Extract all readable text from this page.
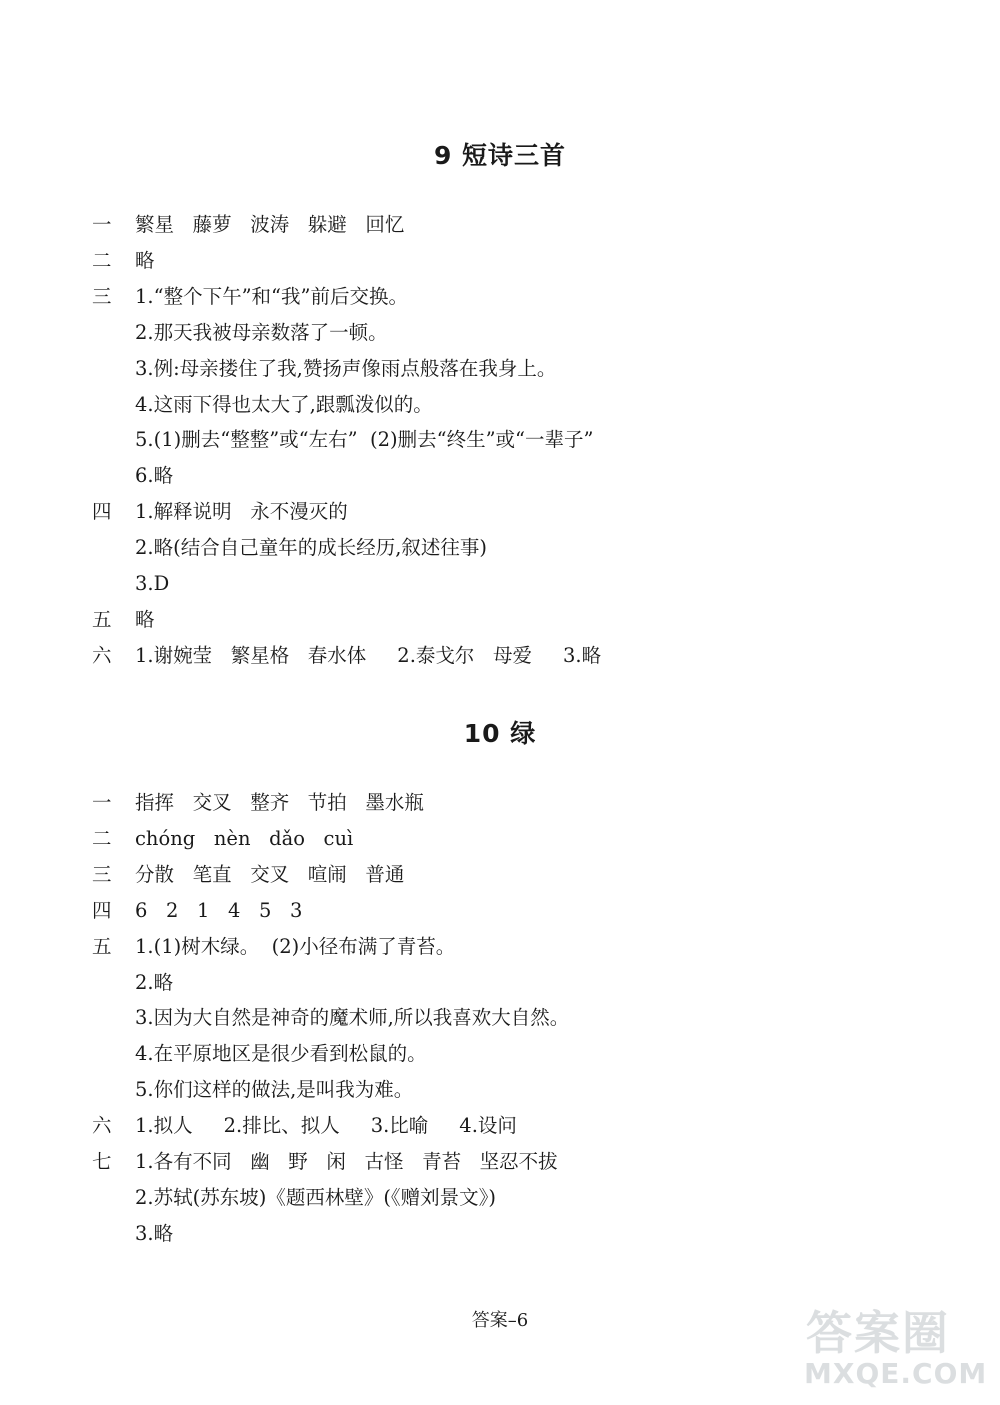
9 短诗三首
一 繁星   藤萝   波涛   躲避   回忆
二 略
三 1.“整个下午”和“我”前后交换。
2.那天我被母亲数落了一顿。
3.例:母亲搂住了我,赞扬声像雨点般落在我身上。
4.这雨下得也太大了,跟瓢泼似的。
5.(1)删去“整整”或“左右”  (2)删去“终生”或“一辈子”
6.略
四 1.解释说明   永不漫灭的
2.略(结合自己童年的成长经历,叙述往事)
3.D
五 略
六 1.谢婉莹   繁星格   春水体     2.泰戈尔   母爱     3.略
10 绿
一 指挥   交叉   整齐   节拍   墨水瓶
二 chóng   nèn   dǎo   cuì
三 分散   笔直   交叉   喧闹   普通
四 6   2   1   4   5   3
五 1.(1)树木绿。  (2)小径布满了青苔。
2.略
3.因为大自然是神奇的魔术师,所以我喜欢大自然。
4.在平原地区是很少看到松鼠的。
5.你们这样的做法,是叫我为难。
六 1.拟人     2.排比、拟人     3.比喻     4.设问
七 1.各有不同   幽   野   闲   古怪   青苔   坚忍不拔
2.苏轼(苏东坡)《题西林壁》(《赠刘景文》)
3.略
答案–6	答案圈
MXQE.COM
